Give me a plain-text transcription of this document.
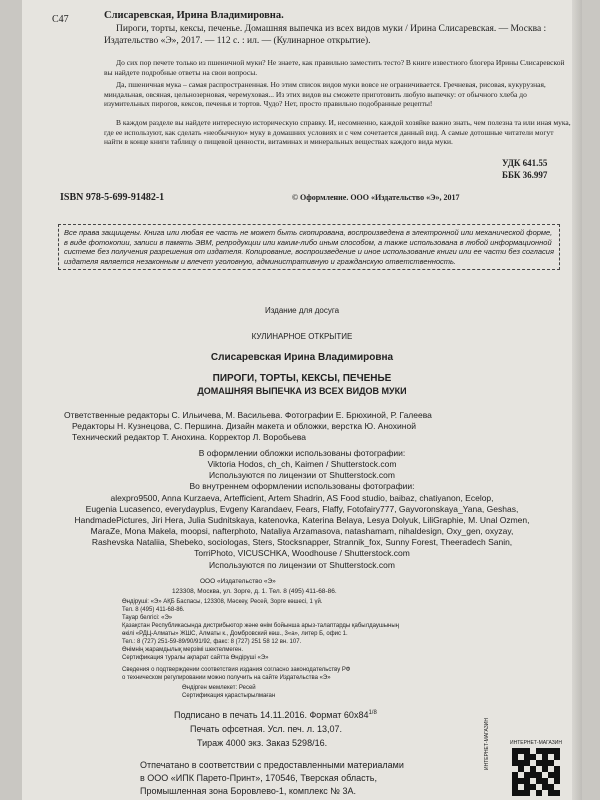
С47	Слисаревская, Ирина Владимировна.
Пироги, торты, кексы, печенье. Домашняя выпечка из всех видов муки / Ирина Слисаревская. — Москва : Издательство «Э», 2017. — 112 с. : ил. — (Кулинарное открытие).
До сих пор печете только из пшеничной муки? Не знаете, как правильно заместить тесто? В книге известного блогера Ирины Слисаревской вы найдете подробные ответы на свои вопросы.
Да, пшеничная мука – самая распространенная. Но этим список видов муки вовсе не ограничивается. Гречневая, рисовая, кукурузная, миндальная, овсяная, цельнозерновая, черемуховая... Из этих видов вы сможете приготовить любую выпечку: от обычного хлеба до изумительных пирогов, кексов, печенья и тортов. Чудо? Нет, просто правильно подобранные рецепты!
В каждом разделе вы найдете интересную историческую справку. И, несомненно, каждой хозяйке важно знать, чем полезна та или иная мука, где ее используют, как сделать «необычную» муку в домашних условиях и с чем сочетается данный вид. А самые дотошные читатели могут найти в конце книги таблицу о пищевой ценности, витаминах и минеральных веществах каждого вида муки.
УДК 641.55
ББК 36.997
ISBN 978-5-699-91482-1	© Оформление. ООО «Издательство «Э», 2017
Все права защищены. Книга или любая ее часть не может быть скопирована, воспроизведена в электронной или механической форме, в виде фотокопии, записи в память ЭВМ, репродукции или каким-либо иным способом, а также использована в любой информационной системе без получения разрешения от издателя. Копирование, воспроизведение и иное использование книги или ее части без согласия издателя является незаконным и влечет уголовную, административную и гражданскую ответственность.
Издание для досуга
КУЛИНАРНОЕ ОТКРЫТИЕ
Слисаревская Ирина Владимировна
ПИРОГИ, ТОРТЫ, КЕКСЫ, ПЕЧЕНЬЕ
ДОМАШНЯЯ ВЫПЕЧКА ИЗ ВСЕХ ВИДОВ МУКИ
Ответственные редакторы С. Ильичева, М. Васильева. Фотографии Е. Брюхиной, Р. Галеева
Редакторы Н. Кузнецова, С. Першина. Дизайн макета и обложки, верстка Ю. Анохиной
Технический редактор Т. Анохина. Корректор Л. Воробьева
В оформлении обложки использованы фотографии:
Viktoria Hodos, ch_ch, Kaimen / Shutterstock.com
Используются по лицензии от Shutterstock.com
Во внутреннем оформлении использованы фотографии:
alexpro9500, Anna Kurzaeva, Artefficient, Artem Shadrin, AS Food studio, baibaz, chatiyanon, Ecelop,
Eugenia Lucasenco, everydayplus, Evgeny Karandaev, Fears, Flaffy, Fotofairy777, Gayvoronskaya_Yana, Geshas,
HandmadePictures, Jiri Hera, Julia Sudnitskaya, katenovka, Katerina Belaya, Lesya Dolyuk, LiliGraphie, M. Unal Ozmen,
MaraZe, Mona Makela, moopsi, nafterphoto, Nataliya Arzamasova, natashamam, nihaldesign, Oxy_gen, oxyzay,
Rashevska Nataliia, Shebeko, sociologas, Sters, Stocksnapper, Strannik_fox, Sunny Forest, Theeradech Sanin,
TorriPhoto, VICUSCHKA, Woodhouse / Shutterstock.com
Используются по лицензии от Shutterstock.com
ООО «Издательство «Э»
123308, Москва, ул. Зорге, д. 1. Тел. 8 (495) 411-68-86.
Өндіруші: «Э» АҚБ Баспасы, 123308, Мәскеу, Ресей, Зорге көшесі, 1 үй.
Тел. 8 (495) 411-68-86.
Тауар белгісі: «Э»
Қазақстан Республикасында дистрибьютор және өнім бойынша арыз-талаптарды қабылдаушының
өкілі «РДЦ-Алматы» ЖШС, Алматы к., Домбровский көш., 3«а», литер Б, офис 1.
Тел.: 8 (727) 251-59-89/90/91/92, факс: 8 (727) 251 58 12 вн. 107.
Өнімнің жарамдылық мерзімі шектелмеген.
Сертификация туралы ақпарат сайтта Өндіруші «Э»
Сведения о подтверждении соответствия издания согласно законодательству РФ
о техническом регулировании можно получить на сайте Издательства «Э»
Өндірген мемлекет: Ресей
Сертификация қарастырылмаған
Подписано в печать 14.11.2016. Формат $60x84^{1/8}$
Печать офсетная. Усл. печ. л. 13,07.
Тираж 4000 экз. Заказ 5298/16.
Отпечатано в соответствии с предоставленными материалами
в ООО «ИПК Парето-Принт», 170546, Тверская область,
Промышленная зона Боровлево-1, комплекс № 3А.
ИНТЕРНЕТ-МАГАЗИН
ИНТЕРНЕТ-МАГАЗИН
